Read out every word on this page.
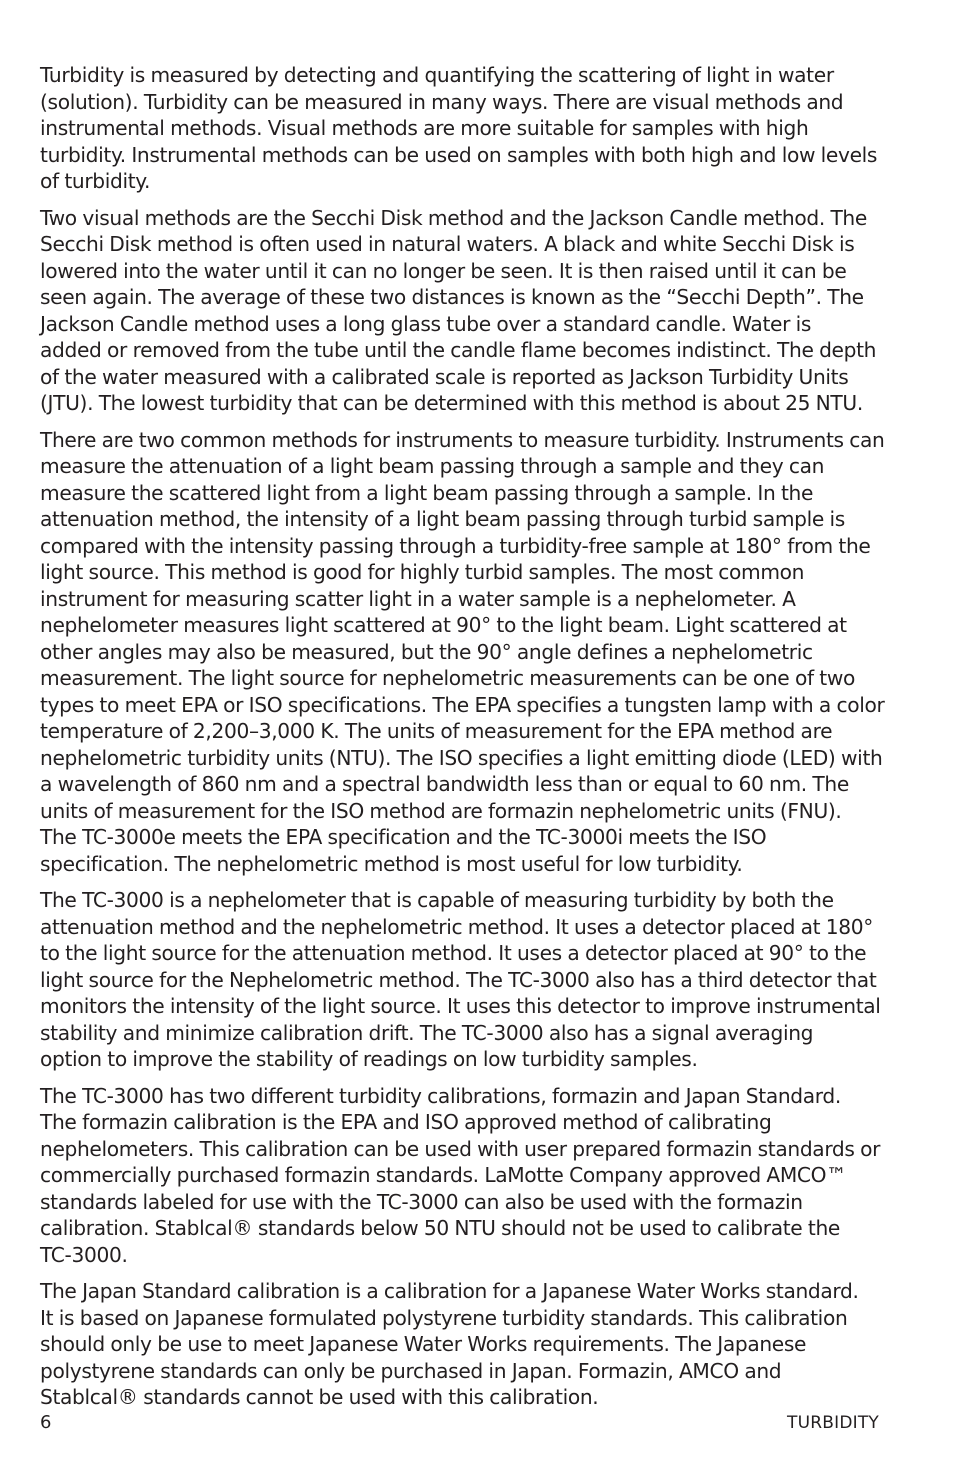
Turbidity is measured by detecting and quantifying the scattering of light in water
(solution). Turbidity can be measured in many ways. There are visual methods and
instrumental methods. Visual methods are more suitable for samples with high
turbidity. Instrumental methods can be used on samples with both high and low levels
of turbidity.

Two visual methods are the Secchi Disk method and the Jackson Candle method. The
Secchi Disk method is often used in natural waters. A black and white Secchi Disk is
lowered into the water until it can no longer be seen. It is then raised until it can be
seen again. The average of these two distances is known as the “Secchi Depth”. The
Jackson Candle method uses a long glass tube over a standard candle. Water is
added or removed from the tube until the candle flame becomes indistinct. The depth
of the water measured with a calibrated scale is reported as Jackson Turbidity Units
(JTU). The lowest turbidity that can be determined with this method is about 25 NTU.

There are two common methods for instruments to measure turbidity. Instruments can
measure the attenuation of a light beam passing through a sample and they can
measure the scattered light from a light beam passing through a sample. In the
attenuation method, the intensity of a light beam passing through turbid sample is
compared with the intensity passing through a turbidity-free sample at 180° from the
light source. This method is good for highly turbid samples. The most common
instrument for measuring scatter light in a water sample is a nephelometer. A
nephelometer measures light scattered at 90° to the light beam. Light scattered at
other angles may also be measured, but the 90° angle defines a nephelometric
measurement. The light source for nephelometric measurements can be one of two
types to meet EPA or ISO specifications. The EPA specifies a tungsten lamp with a color
temperature of 2,200–3,000 K. The units of measurement for the EPA method are
nephelometric turbidity units (NTU). The ISO specifies a light emitting diode (LED) with
a wavelength of 860 nm and a spectral bandwidth less than or equal to 60 nm. The
units of measurement for the ISO method are formazin nephelometric units (FNU).
The TC-3000e meets the EPA specification and the TC-3000i meets the ISO
specification. The nephelometric method is most useful for low turbidity.

The TC-3000 is a nephelometer that is capable of measuring turbidity by both the
attenuation method and the nephelometric method. It uses a detector placed at 180°
to the light source for the attenuation method. It uses a detector placed at 90° to the
light source for the Nephelometric method. The TC-3000 also has a third detector that
monitors the intensity of the light source. It uses this detector to improve instrumental
stability and minimize calibration drift. The TC-3000 also has a signal averaging
option to improve the stability of readings on low turbidity samples.

The TC-3000 has two different turbidity calibrations, formazin and Japan Standard.
The formazin calibration is the EPA and ISO approved method of calibrating
nephelometers. This calibration can be used with user prepared formazin standards or
commercially purchased formazin standards. LaMotte Company approved AMCO™
standards labeled for use with the TC-3000 can also be used with the formazin
calibration. Stablcal® standards below 50 NTU should not be used to calibrate the
TC-3000.

The Japan Standard calibration is a calibration for a Japanese Water Works standard.
It is based on Japanese formulated polystyrene turbidity standards. This calibration
should only be use to meet Japanese Water Works requirements. The Japanese
polystyrene standards can only be purchased in Japan. Formazin, AMCO and
Stablcal® standards cannot be used with this calibration.

6	TURBIDITY
